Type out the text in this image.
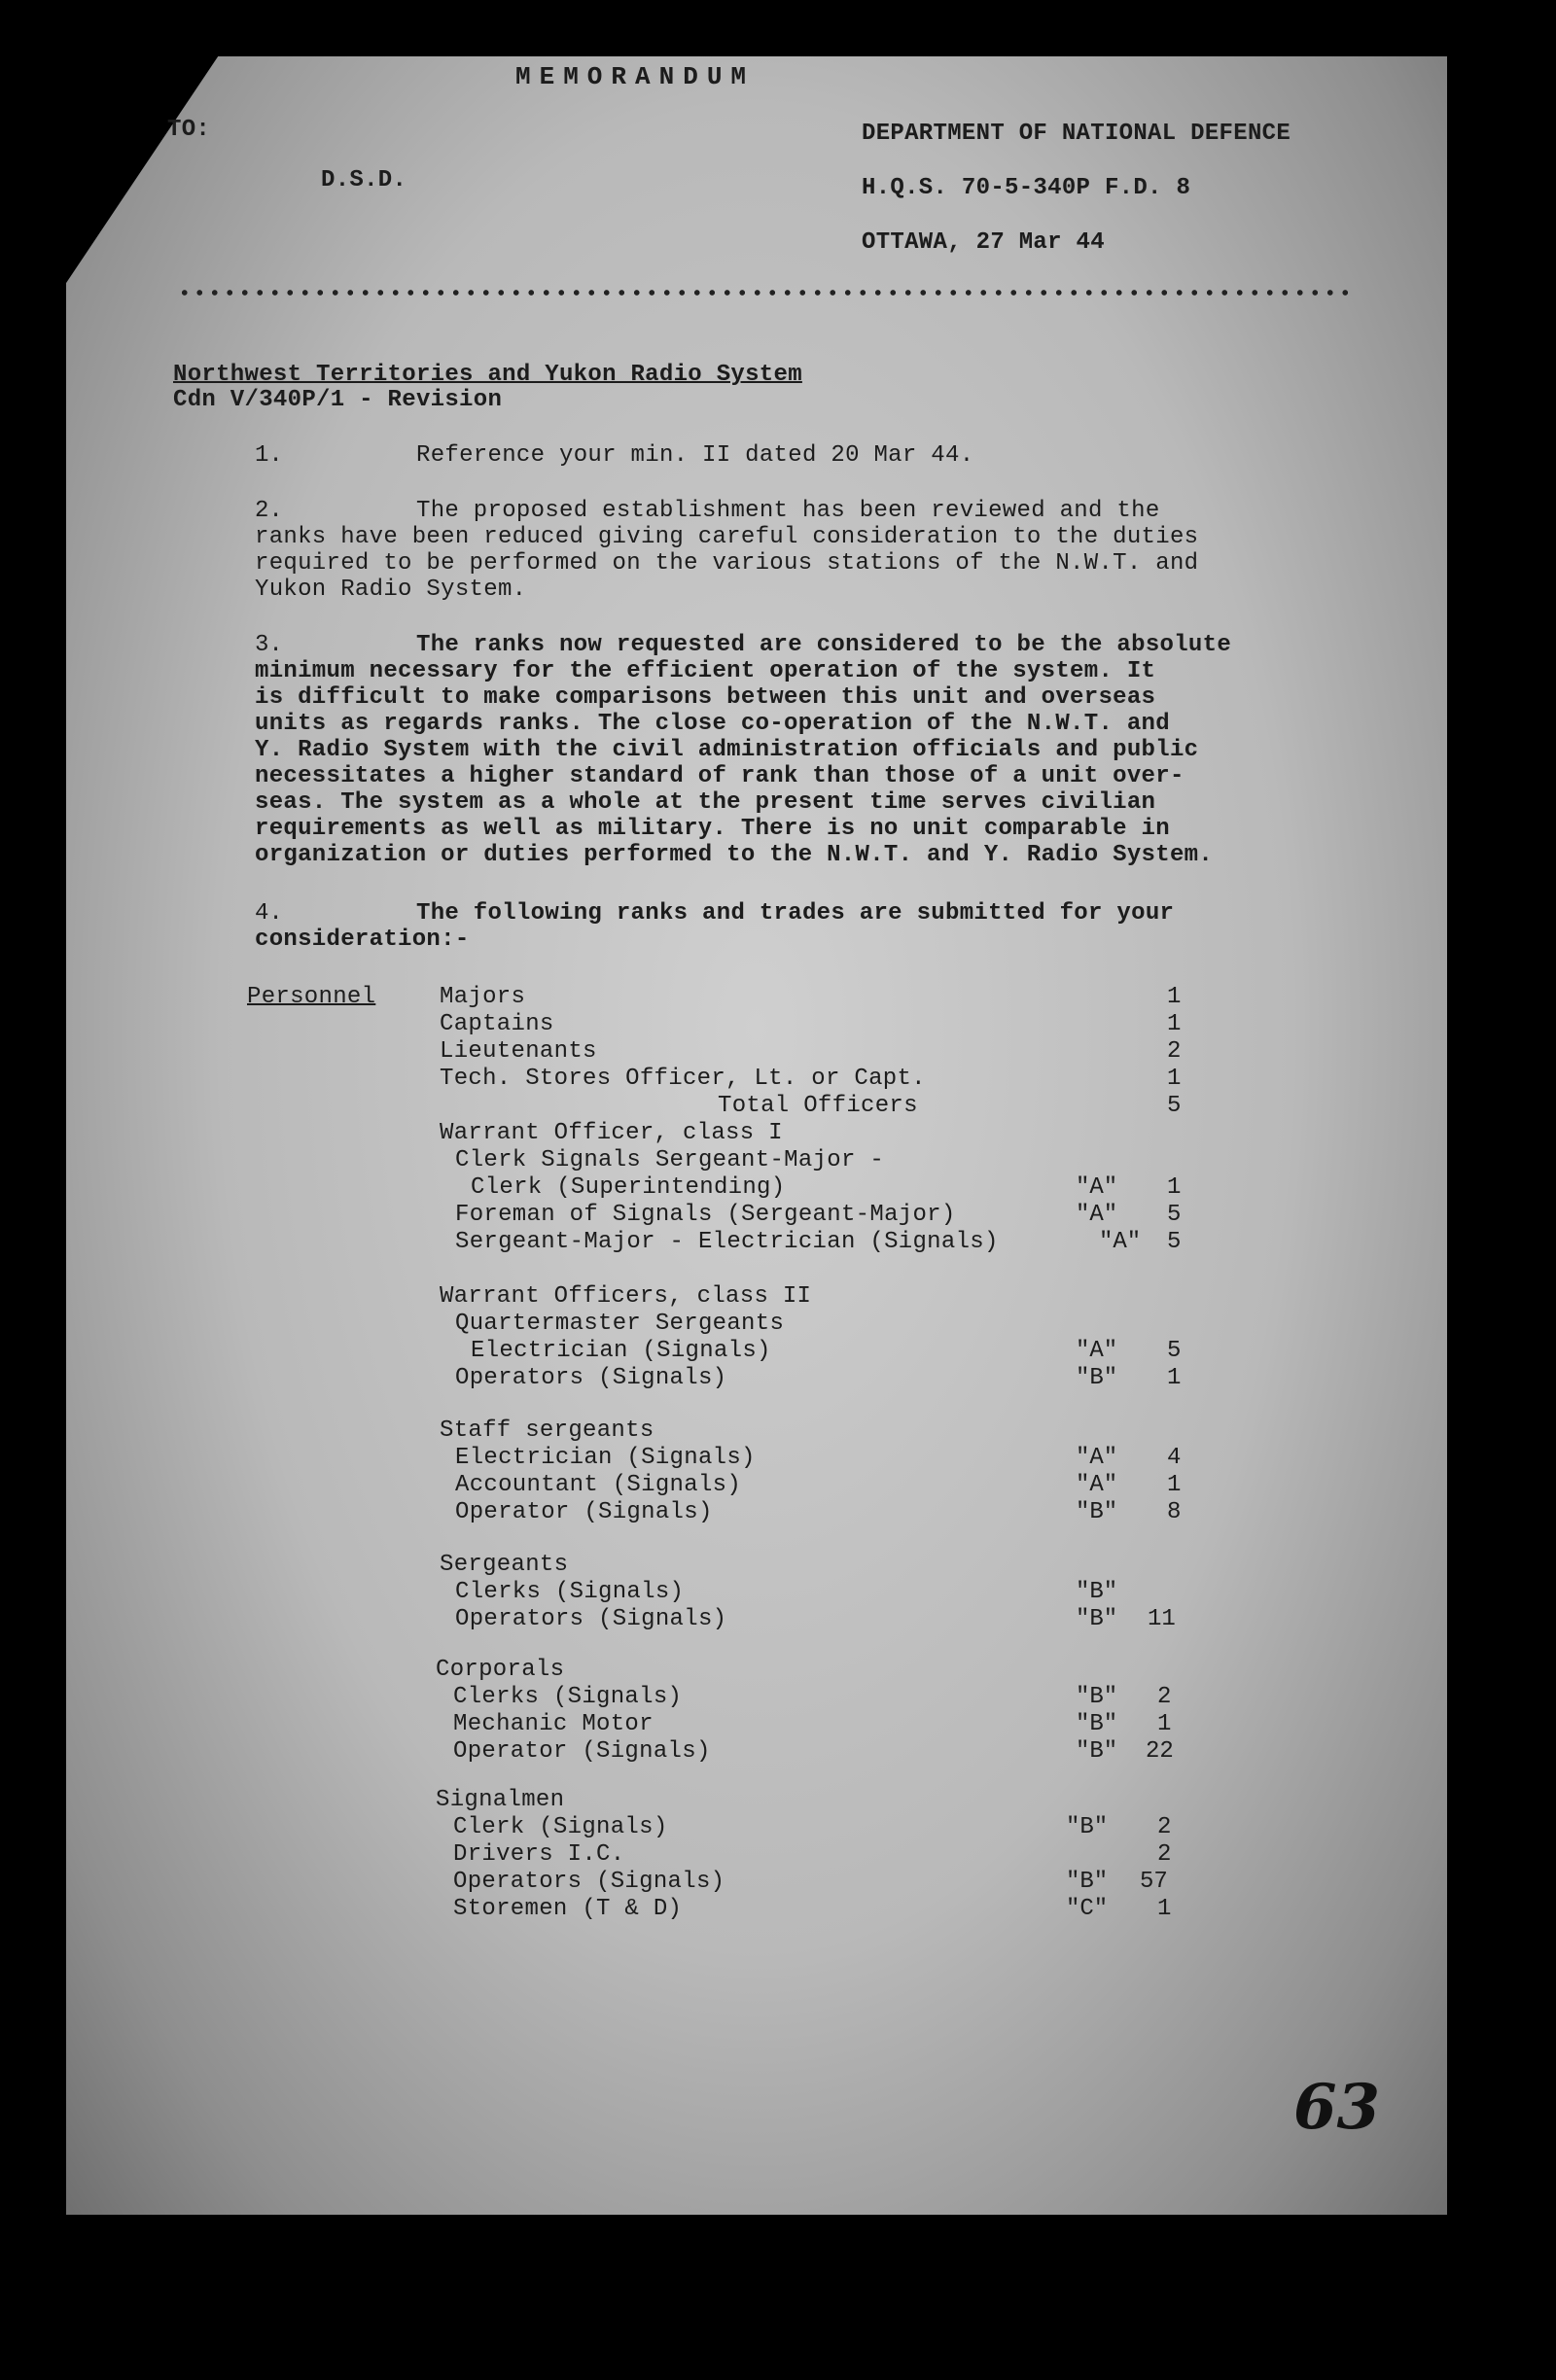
MEMORANDUM
TO:
D.S.D.
DEPARTMENT OF NATIONAL DEFENCE
H.Q.S. 70-5-340P F.D. 8
OTTAWA, 27 Mar 44
Northwest Territories and Yukon Radio System
Cdn V/340P/1 - Revision
1.	Reference your min. II dated 20 Mar 44.
2.	The proposed establishment has been reviewed and the
ranks have been reduced giving careful consideration to the duties
required to be performed on the various stations of the N.W.T. and
Yukon Radio System.
3.	The ranks now requested are considered to be the absolute
minimum necessary for the efficient operation of the system. It
is difficult to make comparisons between this unit and overseas
units as regards ranks. The close co-operation of the N.W.T. and
Y. Radio System with the civil administration officials and public
necessitates a higher standard of rank than those of a unit over-
seas. The system as a whole at the present time serves civilian
requirements as well as military. There is no unit comparable in
organization or duties performed to the N.W.T. and Y. Radio System.
4.	The following ranks and trades are submitted for your
consideration:-
Personnel	Majors	1
Captains	1
Lieutenants	2
Tech. Stores Officer, Lt. or Capt.	1
Total Officers	5
Warrant Officer, class I
Clerk Signals Sergeant-Major -
Clerk (Superintending)	"A" 1
Foreman of Signals (Sergeant-Major)	"A" 5
Sergeant-Major - Electrician (Signals)	"A" 5
Warrant Officers, class II
Quartermaster Sergeants
Electrician (Signals)	"A" 5
Operators (Signals)	"B" 1
Staff sergeants
Electrician (Signals)	"A" 4
Accountant (Signals)	"A" 1
Operator (Signals)	"B" 8
Sergeants
Clerks (Signals)	"B"
Operators (Signals)	"B" 11
Corporals
Clerks (Signals)	"B" 2
Mechanic Motor	"B" 1
Operator (Signals)	"B" 22
Signalmen
Clerk (Signals)	"B" 2
Drivers I.C.	2
Operators (Signals)	"B" 57
Storemen (T & D)	"C" 1
63
